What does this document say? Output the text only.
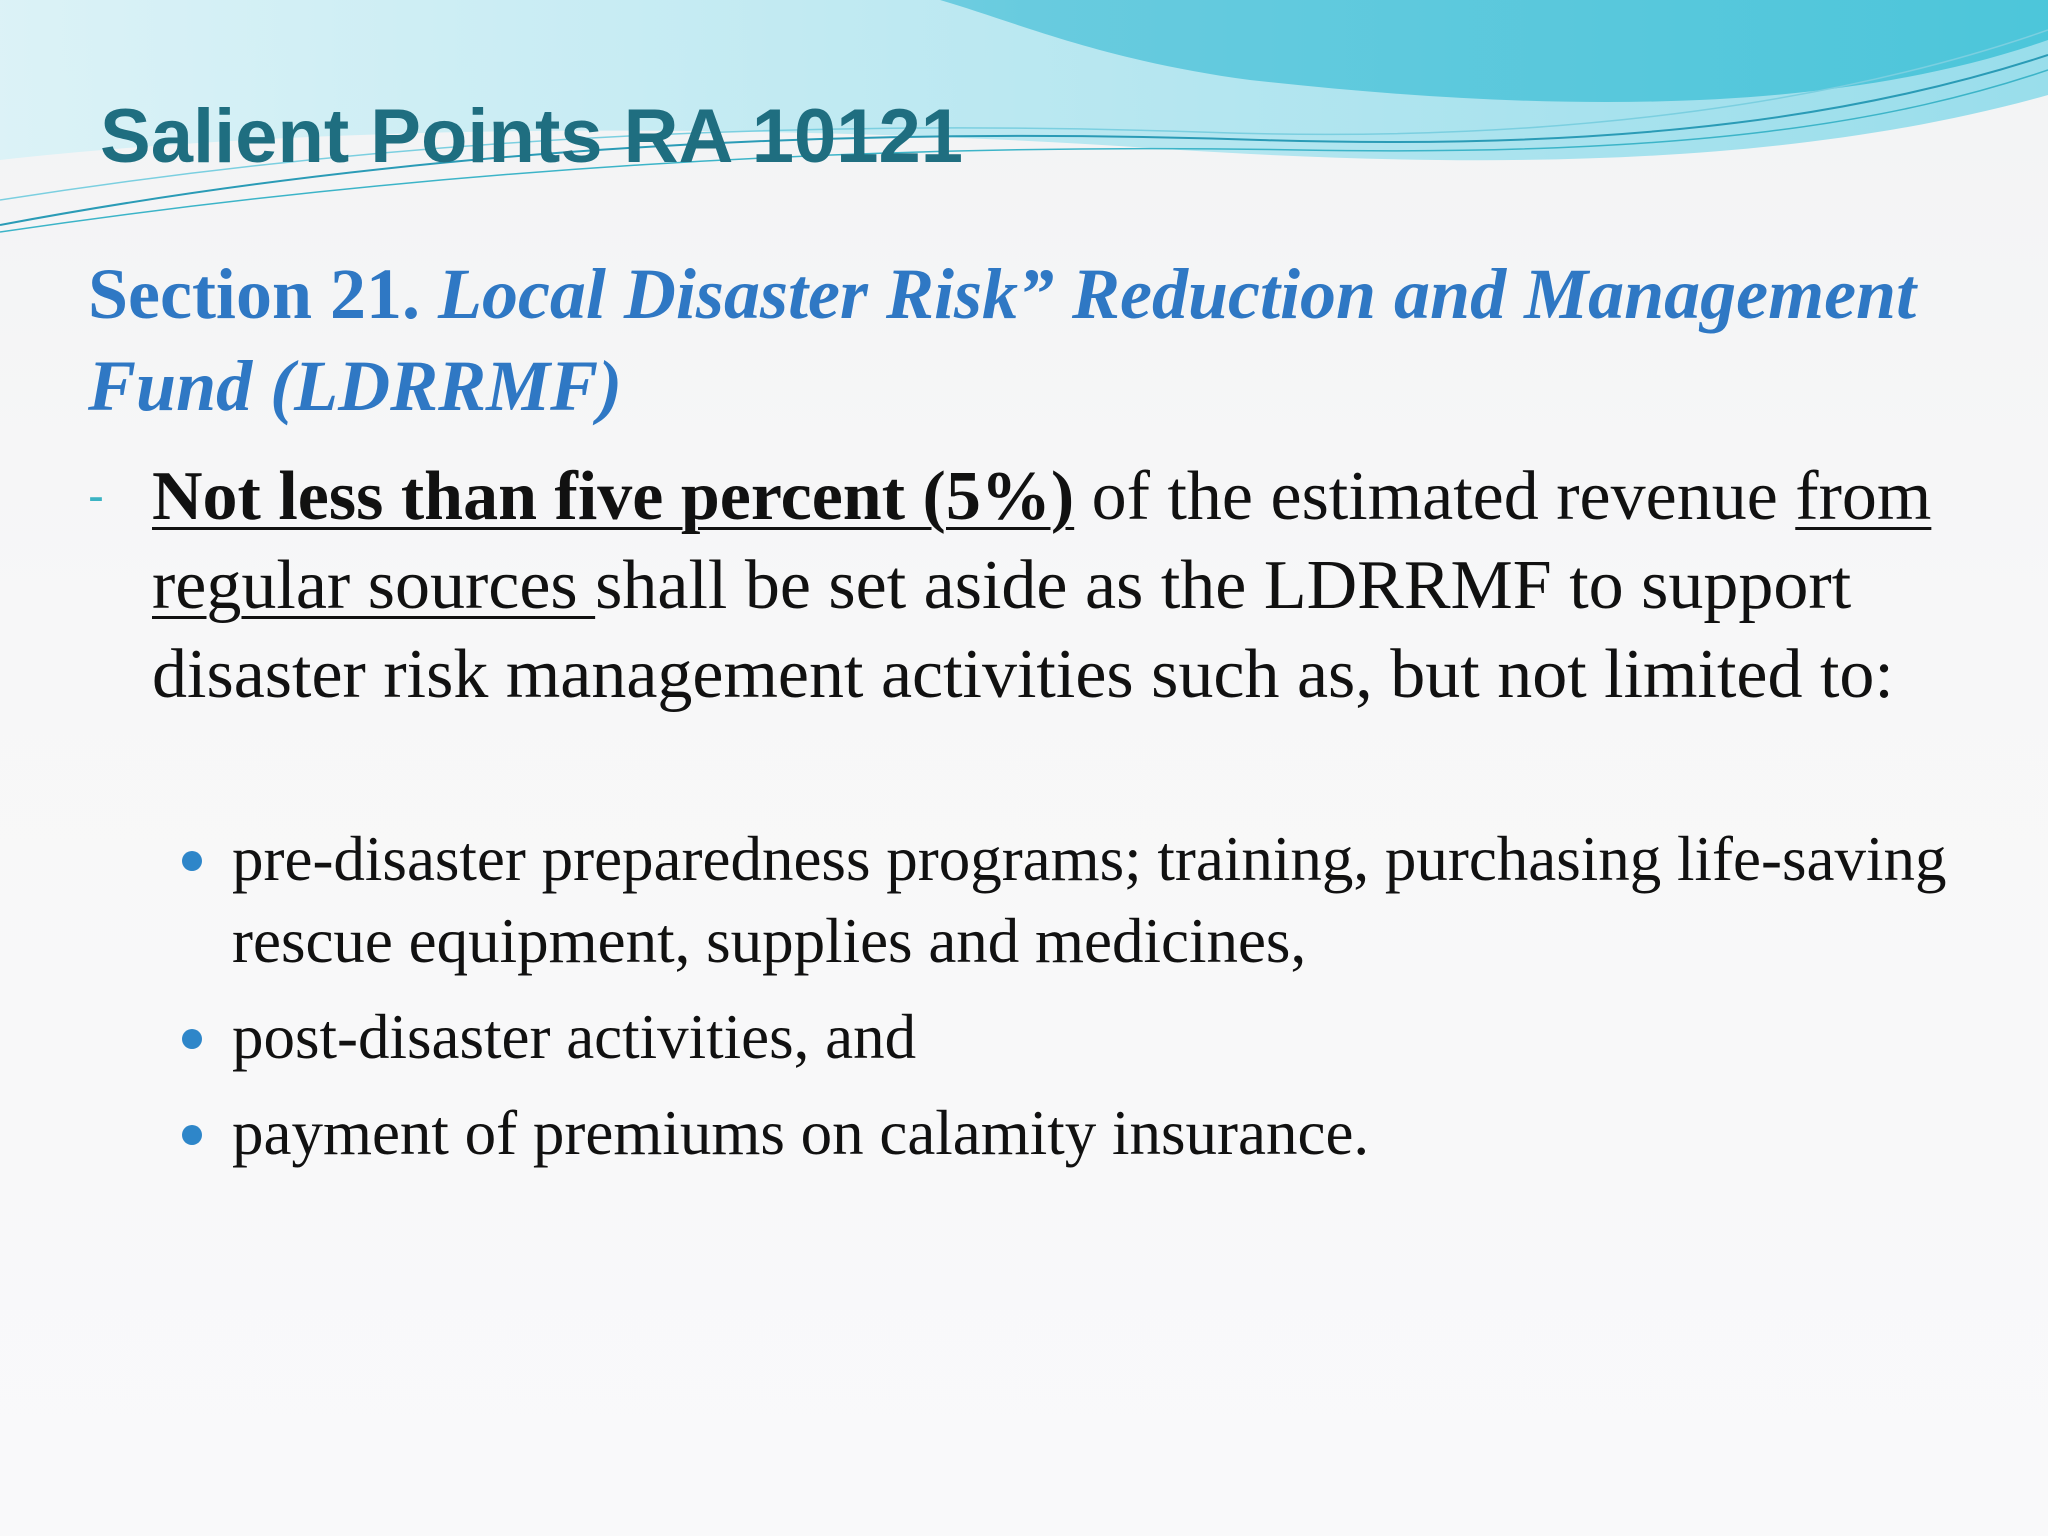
Salient Points RA 10121
Section 21. Local Disaster Risk” Reduction and Management Fund (LDRRMF)
- Not less than five percent (5%) of the estimated revenue from regular sources shall be set aside as the LDRRMF to support disaster risk management activities such as, but not limited to:
pre-disaster preparedness programs; training, purchasing life-saving rescue equipment, supplies and medicines,
post-disaster activities, and
payment of premiums on calamity insurance.
